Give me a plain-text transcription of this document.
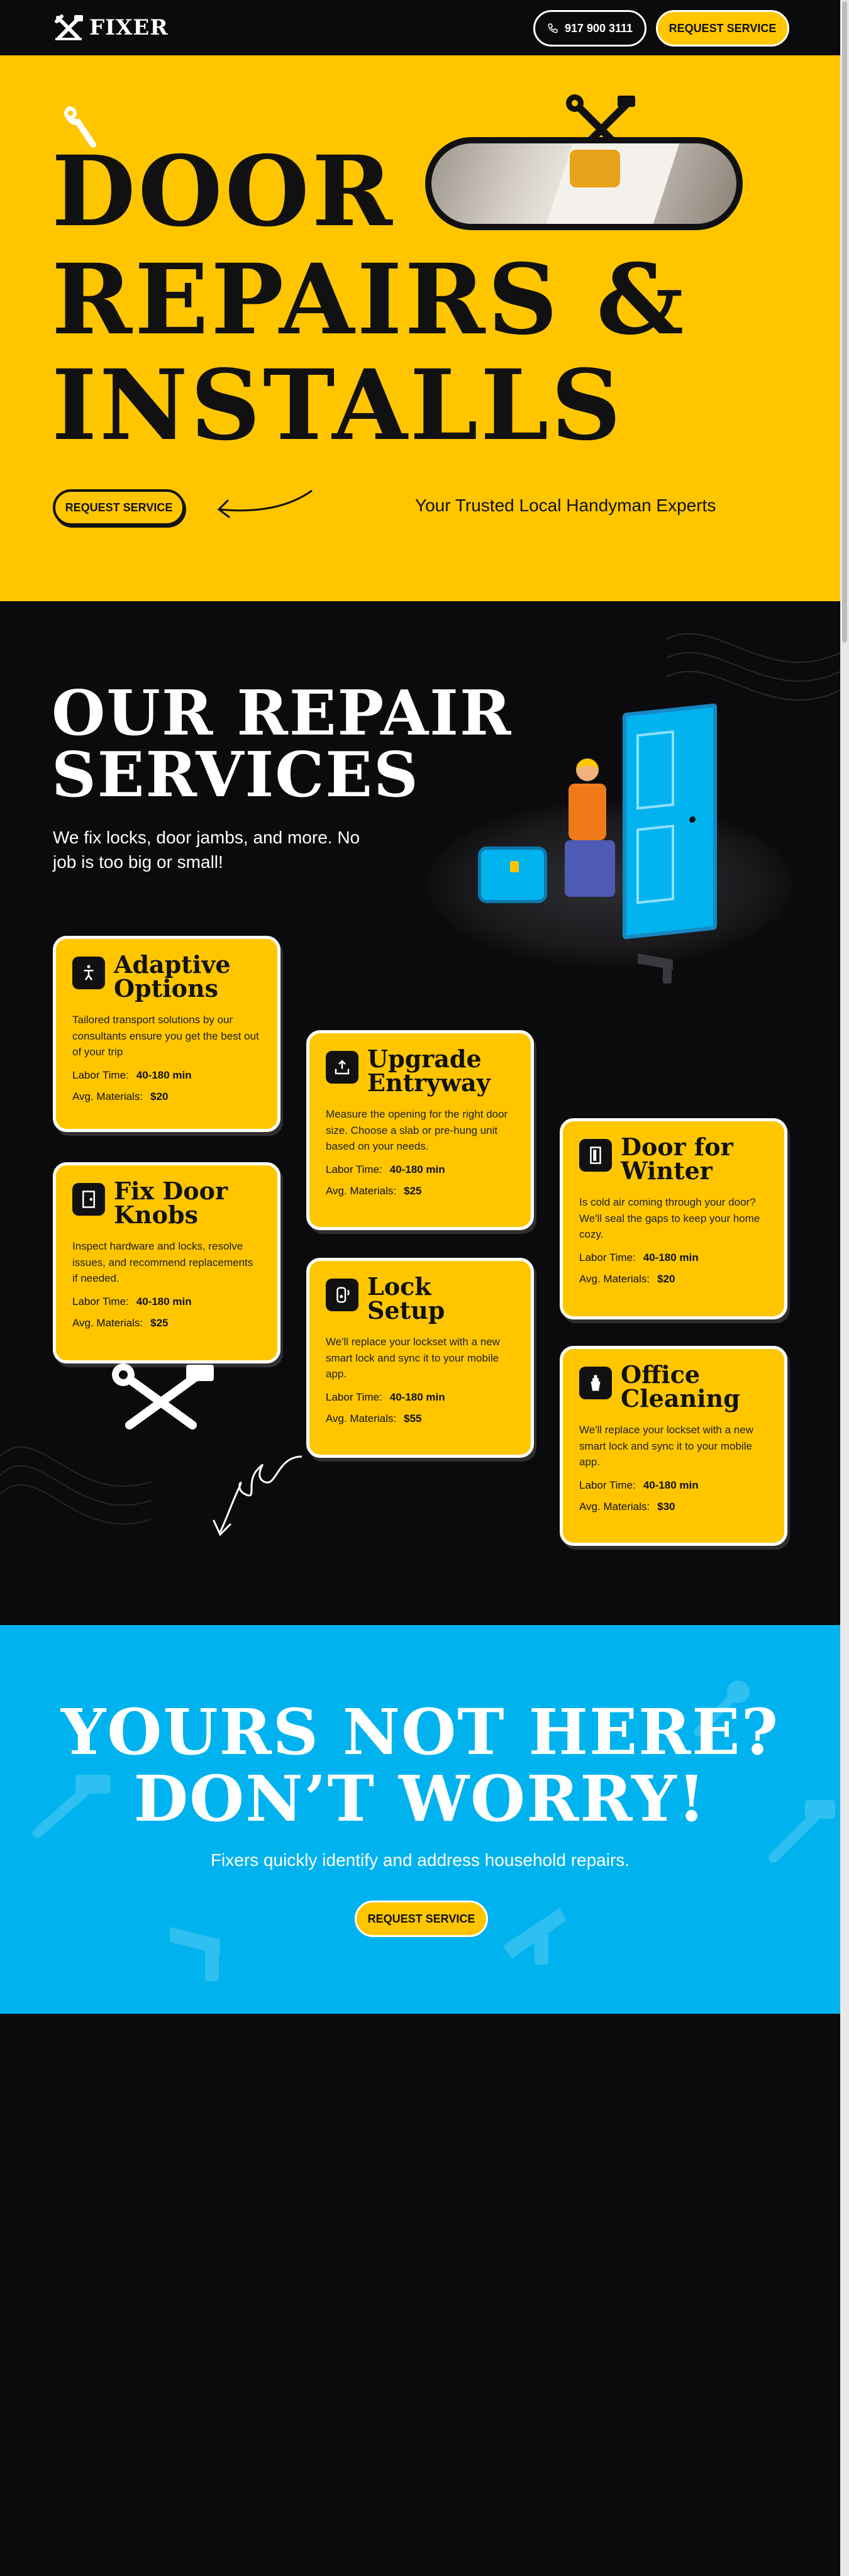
FIXER	917 900 3111	REQUEST SERVICE
DOOR
REPAIRS &
INSTALLS
REQUEST SERVICE	Your Trusted Local Handyman Experts
OUR REPAIR
SERVICES
We fix locks, door jambs, and more. No job is too big or small!
Adaptive Options
Tailored transport solutions by our consultants ensure you get the best out of your trip
Labor Time: 40-180 min
Avg. Materials: $20
Fix Door Knobs
Inspect hardware and locks, resolve issues, and recommend replacements if needed.
Labor Time: 40-180 min
Avg. Materials: $25
Upgrade Entryway
Measure the opening for the right door size. Choose a slab or pre-hung unit based on your needs.
Labor Time: 40-180 min
Avg. Materials: $25
Lock Setup
We'll replace your lockset with a new smart lock and sync it to your mobile app.
Labor Time: 40-180 min
Avg. Materials: $55
Door for Winter
Is cold air coming through your door? We'll seal the gaps to keep your home cozy.
Labor Time: 40-180 min
Avg. Materials: $20
Office Cleaning
We'll replace your lockset with a new smart lock and sync it to your mobile app.
Labor Time: 40-180 min
Avg. Materials: $30
YOURS NOT HERE?
DON’T WORRY!
Fixers quickly identify and address household repairs.
REQUEST SERVICE
